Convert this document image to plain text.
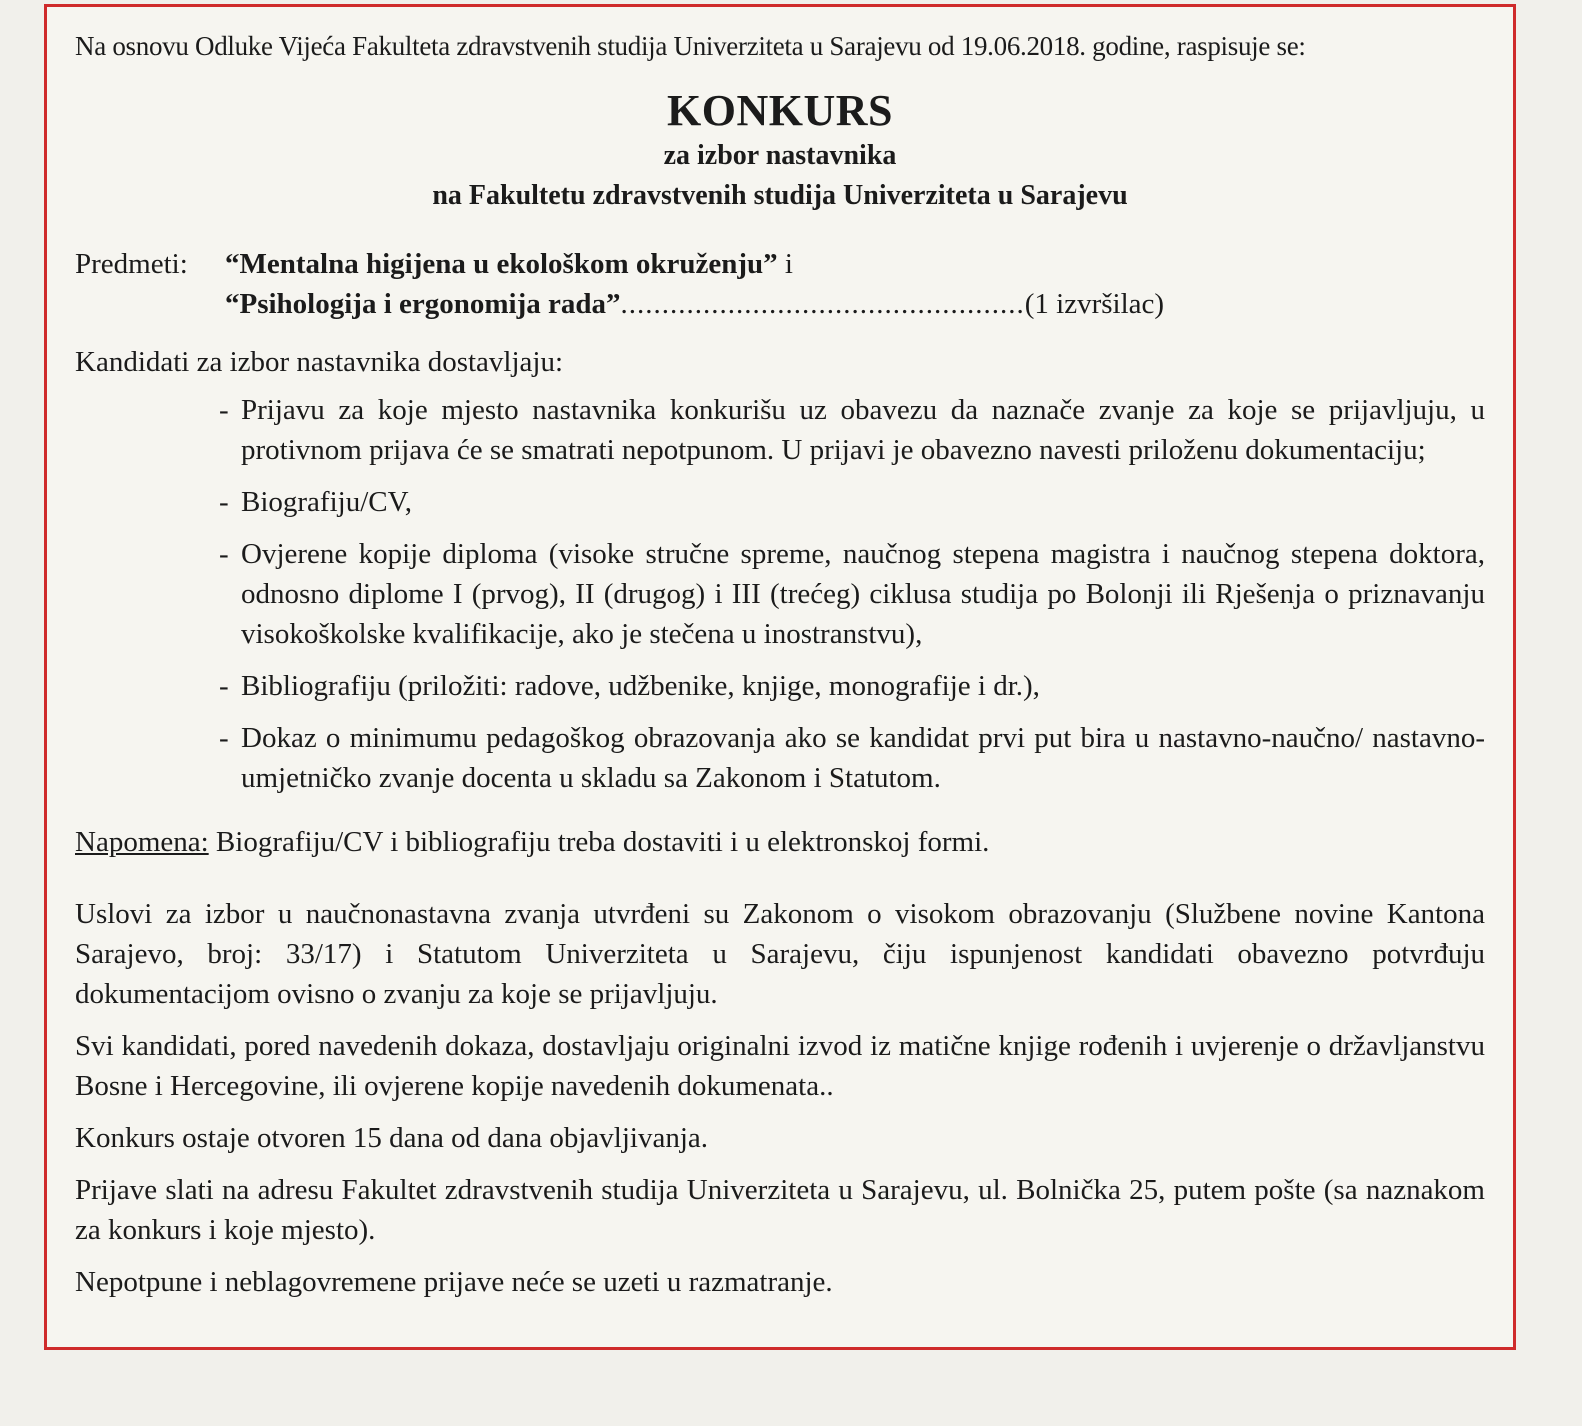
Na osnovu Odluke Vijeća Fakulteta zdravstvenih studija Univerziteta u Sarajevu od 19.06.2018. godine, raspisuje se:
KONKURS
za izbor nastavnika
na Fakultetu zdravstvenih studija Univerziteta u Sarajevu
Predmeti:	“Mentalna higijena u ekološkom okruženju” i
“Psihologija i ergonomija rada”.................................................(1 izvršilac)
Kandidati za izbor nastavnika dostavljaju:
- Prijavu za koje mjesto nastavnika konkurišu uz obavezu da naznače zvanje za koje se prijavljuju, u protivnom prijava će se smatrati nepotpunom. U prijavi je obavezno navesti priloženu dokumentaciju;
- Biografiju/CV,
- Ovjerene kopije diploma (visoke stručne spreme, naučnog stepena magistra i naučnog stepena doktora, odnosno diplome I (prvog), II (drugog) i III (trećeg) ciklusa studija po Bolonji ili Rješenja o priznavanju visokoškolske kvalifikacije, ako je stečena u inostranstvu),
- Bibliografiju (priložiti: radove, udžbenike, knjige, monografije i dr.),
- Dokaz o minimumu pedagoškog obrazovanja ako se kandidat prvi put bira u nastavno-naučno/ nastavno-umjetničko zvanje docenta u skladu sa Zakonom i Statutom.
Napomena: Biografiju/CV i bibliografiju treba dostaviti i u elektronskoj formi.
Uslovi za izbor u naučnonastavna zvanja utvrđeni su Zakonom o visokom obrazovanju (Službene novine Kantona Sarajevo, broj: 33/17) i Statutom Univerziteta u Sarajevu, čiju ispunjenost kandidati obavezno potvrđuju dokumentacijom ovisno o zvanju za koje se prijavljuju.
Svi kandidati, pored navedenih dokaza, dostavljaju originalni izvod iz matične knjige rođenih i uvjerenje o državljanstvu Bosne i Hercegovine, ili ovjerene kopije navedenih dokumenata..
Konkurs ostaje otvoren 15 dana od dana objavljivanja.
Prijave slati na adresu Fakultet zdravstvenih studija Univerziteta u Sarajevu, ul. Bolnička 25, putem pošte (sa naznakom za konkurs i koje mjesto).
Nepotpune i neblagovremene prijave neće se uzeti u razmatranje.
